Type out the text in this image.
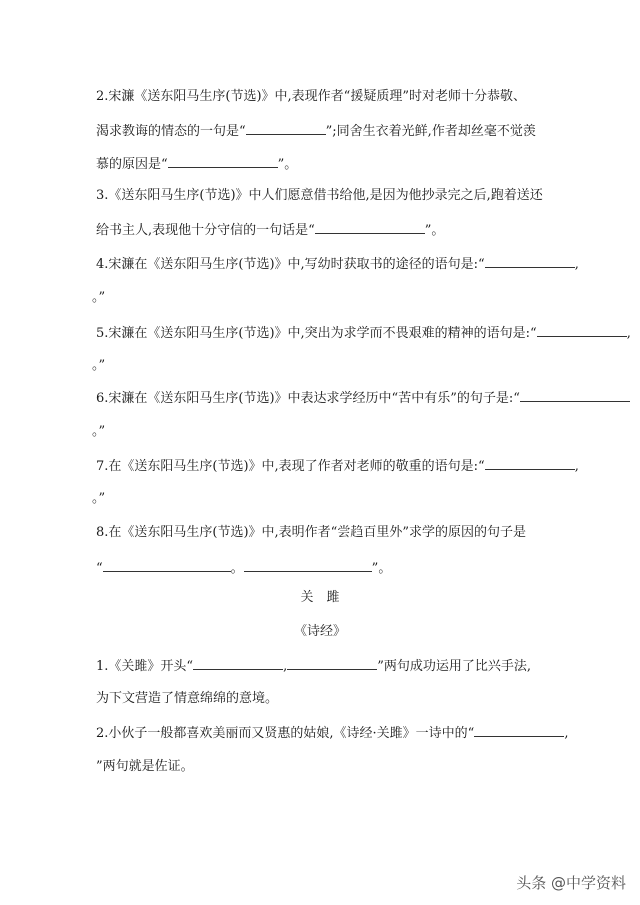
2.宋濂《送东阳马生序(节选)》中,表现作者“援疑质理”时对老师十分恭敬、
渴求教诲的情态的一句是“	”;同舍生衣着光鲜,作者却丝毫不觉羡
慕的原因是“	”。
3.《送东阳马生序(节选)》中人们愿意借书给他,是因为他抄录完之后,跑着送还
给书主人,表现他十分守信的一句话是“	”。
4.宋濂在《送东阳马生序(节选)》中,写幼时获取书的途径的语句是:“	,
。”
5.宋濂在《送东阳马生序(节选)》中,突出为求学而不畏艰难的精神的语句是:“	,
。”
6.宋濂在《送东阳马生序(节选)》中表达求学经历中“苦中有乐”的句子是:“
。”
7.在《送东阳马生序(节选)》中,表现了作者对老师的敬重的语句是:“	,
。”
8.在《送东阳马生序(节选)》中,表明作者“尝趋百里外”求学的原因的句子是
“	。	”。
关　雎
《诗经》
1.《关雎》开头“	,	”两句成功运用了比兴手法,
为下文营造了情意绵绵的意境。
2.小伙子一般都喜欢美丽而又贤惠的姑娘,《诗经·关雎》一诗中的“	,
”两句就是佐证。
头条 @中学资料
